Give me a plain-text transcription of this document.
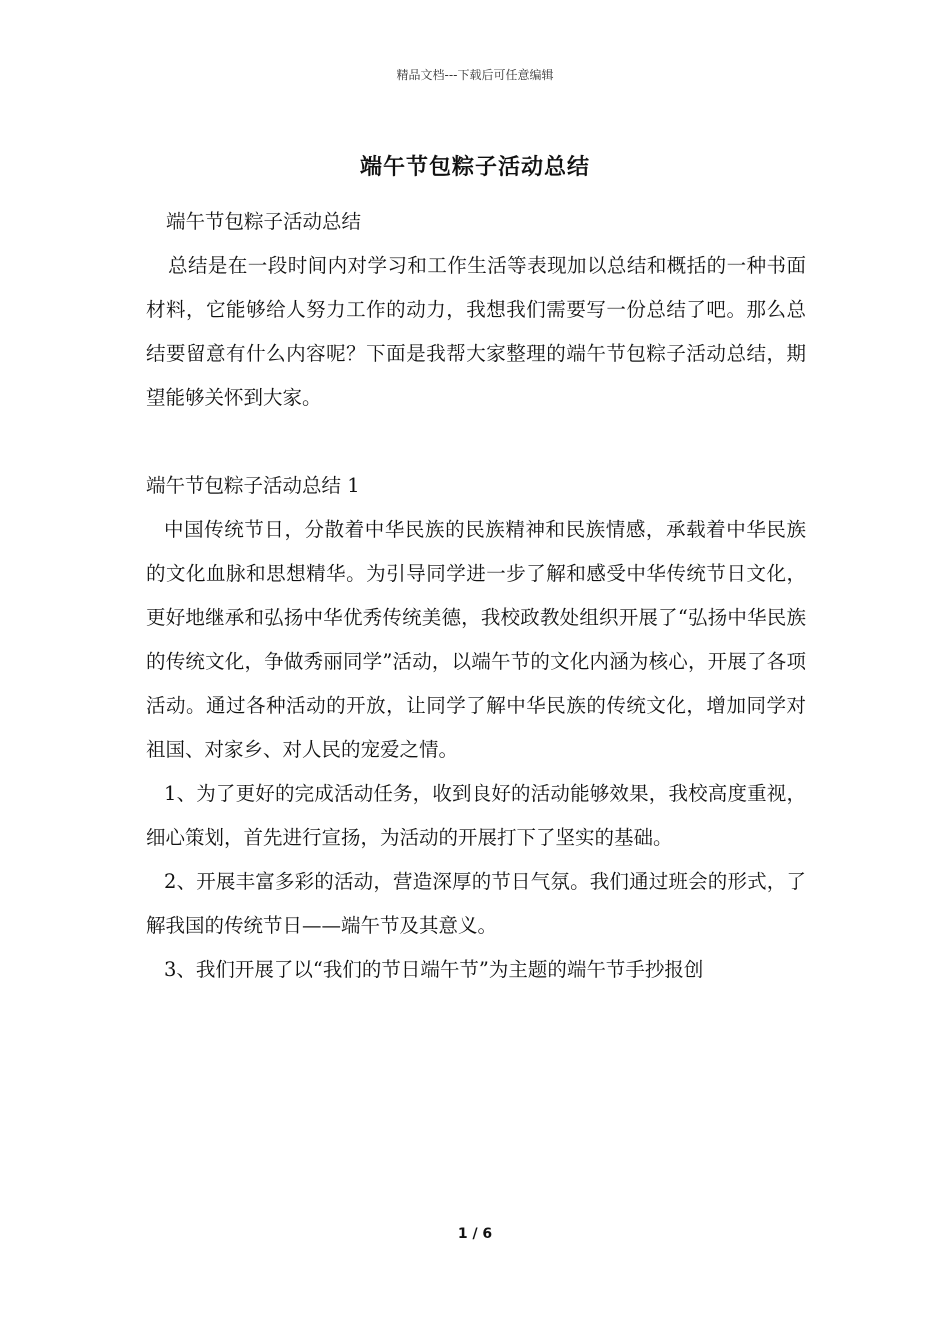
精品文档---下载后可任意编辑
端午节包粽子活动总结

端午节包粽子活动总结

总结是在一段时间内对学习和工作生活等表现加以总结和概括的一种书面材料，它能够给人努力工作的动力，我想我们需要写一份总结了吧。那么总结要留意有什么内容呢？下面是我帮大家整理的端午节包粽子活动总结，期望能够关怀到大家。

端午节包粽子活动总结 1

中国传统节日，分散着中华民族的民族精神和民族情感，承载着中华民族的文化血脉和思想精华。为引导同学进一步了解和感受中华传统节日文化，更好地继承和弘扬中华优秀传统美德，我校政教处组织开展了“弘扬中华民族的传统文化，争做秀丽同学”活动，以端午节的文化内涵为核心，开展了各项活动。通过各种活动的开放，让同学了解中华民族的传统文化，增加同学对祖国、对家乡、对人民的宠爱之情。

1、为了更好的完成活动任务，收到良好的活动能够效果，我校高度重视，细心策划，首先进行宣扬，为活动的开展打下了坚实的基础。

2、开展丰富多彩的活动，营造深厚的节日气氛。我们通过班会的形式，了解我国的传统节日——端午节及其意义。

3、我们开展了以“我们的节日端午节”为主题的端午节手抄报创

1 / 6
